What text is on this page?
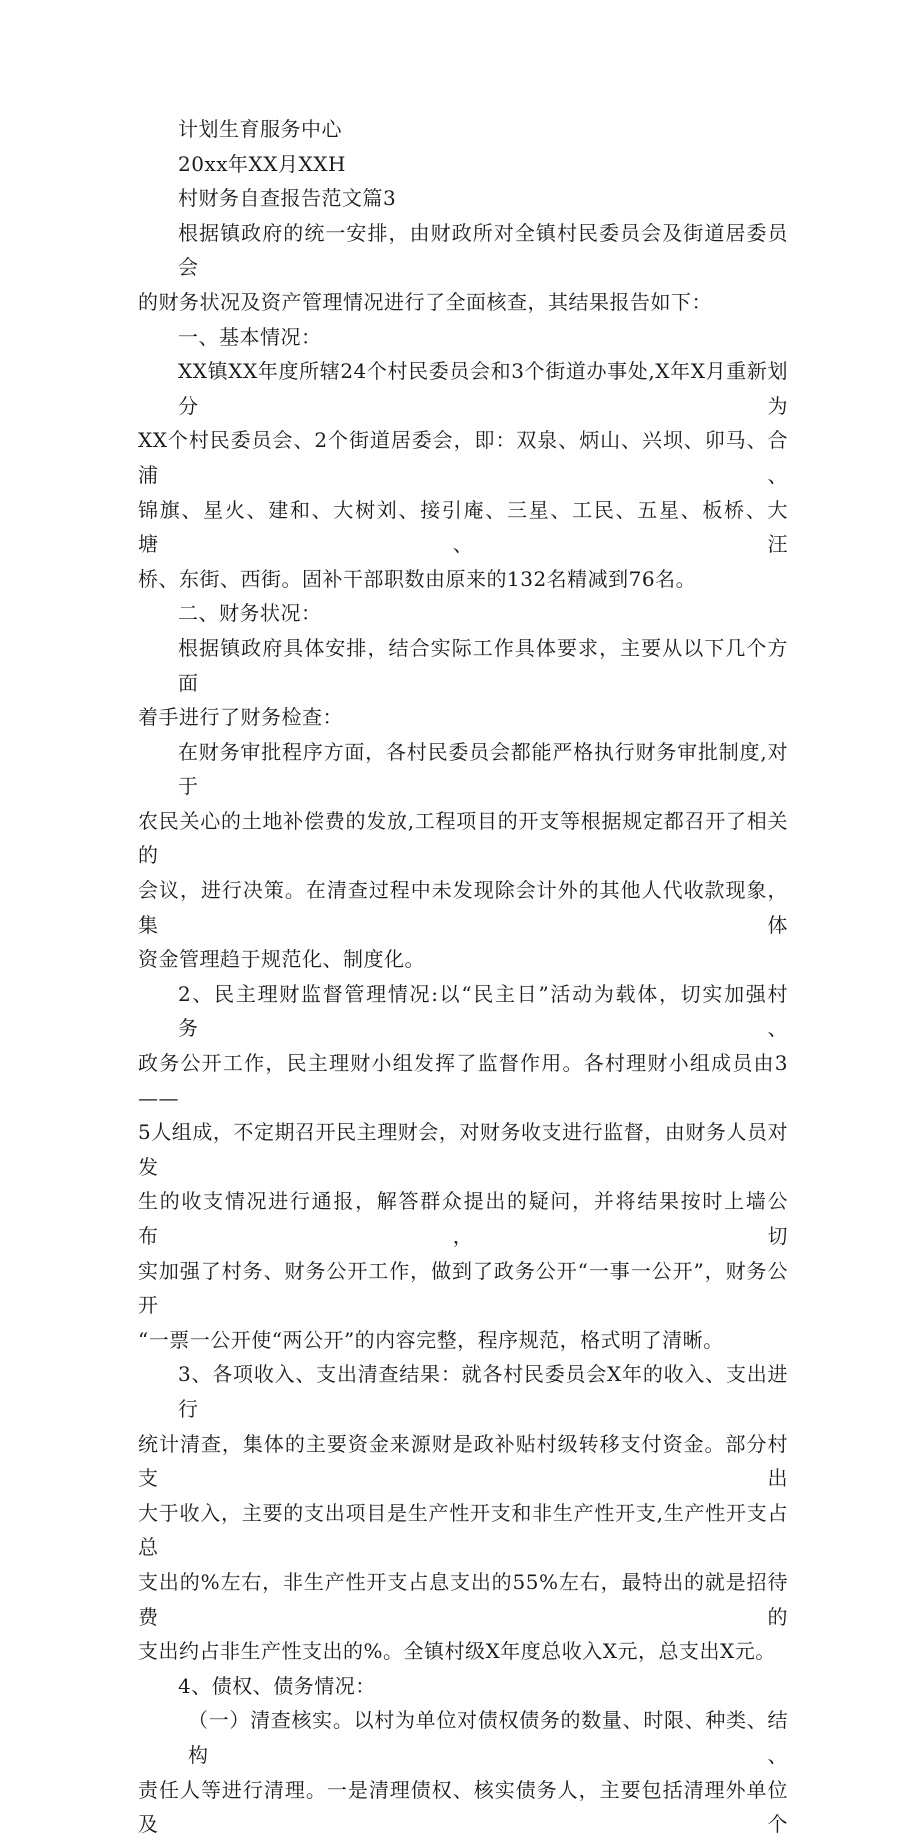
计划生育服务中心
20xx年XX月XXH
村财务自查报告范文篇3
根据镇政府的统一安排，由财政所对全镇村民委员会及街道居委员会
的财务状况及资产管理情况进行了全面核查，其结果报告如下：
一、基本情况：
XX镇XX年度所辖24个村民委员会和3个街道办事处,X年X月重新划分为
XX个村民委员会、2个街道居委会，即：双泉、炳山、兴坝、卯马、合浦、
锦旗、星火、建和、大树刘、接引庵、三星、工民、五星、板桥、大塘、汪
桥、东街、西街。固补干部职数由原来的132名精减到76名。
二、财务状况：
根据镇政府具体安排，结合实际工作具体要求，主要从以下几个方面
着手进行了财务检查：
在财务审批程序方面，各村民委员会都能严格执行财务审批制度,对于
农民关心的土地补偿费的发放,工程项目的开支等根据规定都召开了相关的
会议，进行决策。在清查过程中未发现除会计外的其他人代收款现象，集体
资金管理趋于规范化、制度化。
2、民主理财监督管理情况:以“民主日”活动为载体，切实加强村务、
政务公开工作，民主理财小组发挥了监督作用。各村理财小组成员由3——
5人组成，不定期召开民主理财会，对财务收支进行监督，由财务人员对发
生的收支情况进行通报，解答群众提出的疑问，并将结果按时上墙公布，切
实加强了村务、财务公开工作，做到了政务公开“一事一公开”，财务公开
“一票一公开使“两公开”的内容完整，程序规范，格式明了清晰。
3、各项收入、支出清查结果：就各村民委员会X年的收入、支出进行
统计清查，集体的主要资金来源财是政补贴村级转移支付资金。部分村支出
大于收入，主要的支出项目是生产性开支和非生产性开支,生产性开支占总
支出的%左右，非生产性开支占息支出的55%左右，最特出的就是招待费的
支出约占非生产性支出的%。全镇村级X年度总收入X元，总支出X元。
4、债权、债务情况：
（一）清查核实。以村为单位对债权债务的数量、时限、种类、结构、
责任人等进行清理。一是清理债权、核实债务人，主要包括清理外单位及个
